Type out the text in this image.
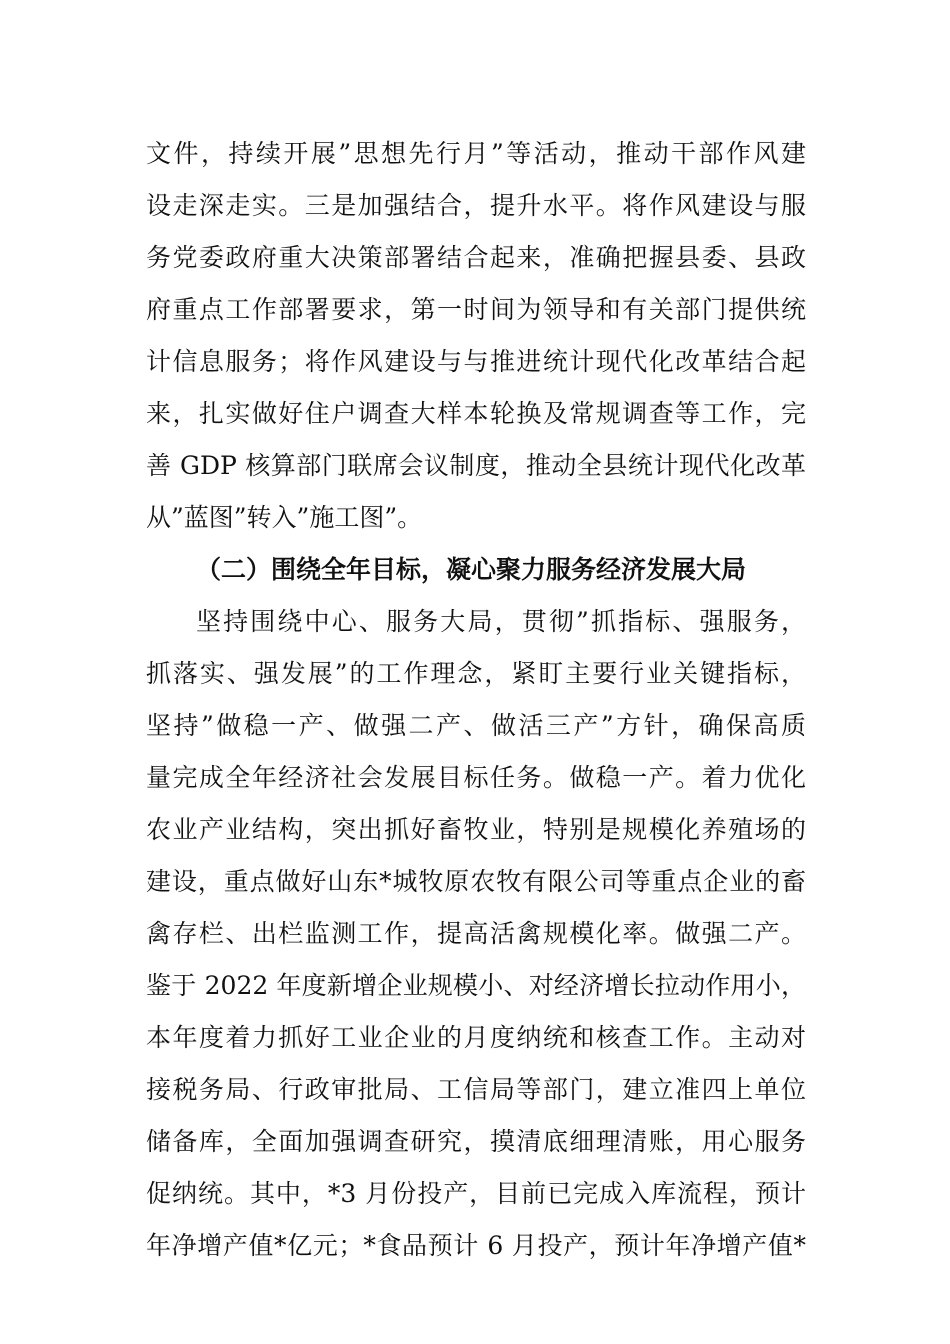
文件，持续开展”思想先行月”等活动，推动干部作风建
设走深走实。三是加强结合，提升水平。将作风建设与服
务党委政府重大决策部署结合起来，准确把握县委、县政
府重点工作部署要求，第一时间为领导和有关部门提供统
计信息服务；将作风建设与与推进统计现代化改革结合起
来，扎实做好住户调查大样本轮换及常规调查等工作，完
善 GDP 核算部门联席会议制度，推动全县统计现代化改革
从”蓝图”转入”施工图”。
（二）围绕全年目标，凝心聚力服务经济发展大局
坚持围绕中心、服务大局，贯彻”抓指标、强服务，
抓落实、强发展”的工作理念，紧盯主要行业关键指标，
坚持”做稳一产、做强二产、做活三产”方针，确保高质
量完成全年经济社会发展目标任务。做稳一产。着力优化
农业产业结构，突出抓好畜牧业，特别是规模化养殖场的
建设，重点做好山东*城牧原农牧有限公司等重点企业的畜
禽存栏、出栏监测工作，提高活禽规模化率。做强二产。
鉴于 2022 年度新增企业规模小、对经济增长拉动作用小，
本年度着力抓好工业企业的月度纳统和核查工作。主动对
接税务局、行政审批局、工信局等部门，建立准四上单位
储备库，全面加强调查研究，摸清底细理清账，用心服务
促纳统。其中，*3 月份投产，目前已完成入库流程，预计
年净增产值*亿元；*食品预计 6 月投产，预计年净增产值*
